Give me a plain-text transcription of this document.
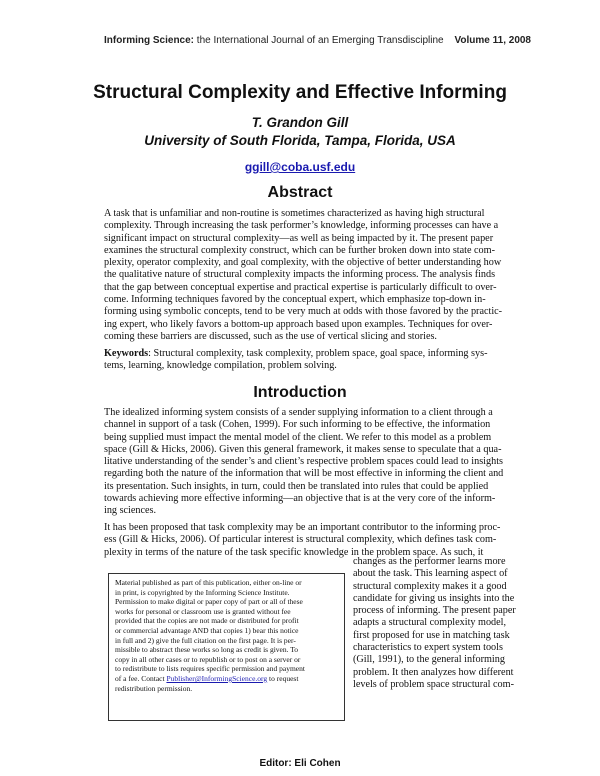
Informing Science: the International Journal of an Emerging Transdiscipline Volume 11, 2008
Structural Complexity and Effective Informing
T. Grandon Gill
University of South Florida, Tampa, Florida, USA
ggill@coba.usf.edu
Abstract
A task that is unfamiliar and non-routine is sometimes characterized as having high structural
complexity. Through increasing the task performer’s knowledge, informing processes can have a
significant impact on structural complexity—as well as being impacted by it. The present paper
examines the structural complexity construct, which can be further broken down into state com-
plexity, operator complexity, and goal complexity, with the objective of better understanding how
the qualitative nature of structural complexity impacts the informing process. The analysis finds
that the gap between conceptual expertise and practical expertise is particularly difficult to over-
come. Informing techniques favored by the conceptual expert, which emphasize top-down in-
forming using symbolic concepts, tend to be very much at odds with those favored by the practic-
ing expert, who likely favors a bottom-up approach based upon examples. Techniques for over-
coming these barriers are discussed, such as the use of vertical slicing and stories.
Keywords: Structural complexity, task complexity, problem space, goal space, informing sys-
tems, learning, knowledge compilation, problem solving.
Introduction
The idealized informing system consists of a sender supplying information to a client through a
channel in support of a task (Cohen, 1999). For such informing to be effective, the information
being supplied must impact the mental model of the client. We refer to this model as a problem
space (Gill & Hicks, 2006). Given this general framework, it makes sense to speculate that a qua-
litative understanding of the sender’s and client’s respective problem spaces could lead to insights
regarding both the nature of the information that will be most effective in informing the client and
its presentation. Such insights, in turn, could then be translated into rules that could be applied
towards achieving more effective informing—an objective that is at the very core of the inform-
ing sciences.
It has been proposed that task complexity may be an important contributor to the informing proc-
ess (Gill & Hicks, 2006). Of particular interest is structural complexity, which defines task com-
plexity in terms of the nature of the task specific knowledge in the problem space. As such, it
changes as the performer learns more
about the task. This learning aspect of
structural complexity makes it a good
candidate for giving us insights into the
process of informing. The present paper
adapts a structural complexity model,
first proposed for use in matching task
characteristics to expert system tools
(Gill, 1991), to the general informing
problem. It then analyzes how different
levels of problem space structural com-
Material published as part of this publication, either on-line or
in print, is copyrighted by the Informing Science Institute.
Permission to make digital or paper copy of part or all of these
works for personal or classroom use is granted without fee
provided that the copies are not made or distributed for profit
or commercial advantage AND that copies 1) bear this notice
in full and 2) give the full citation on the first page. It is per-
missible to abstract these works so long as credit is given. To
copy in all other cases or to republish or to post on a server or
to redistribute to lists requires specific permission and payment
of a fee. Contact Publisher@InformingScience.org to request
redistribution permission.
Editor: Eli Cohen
